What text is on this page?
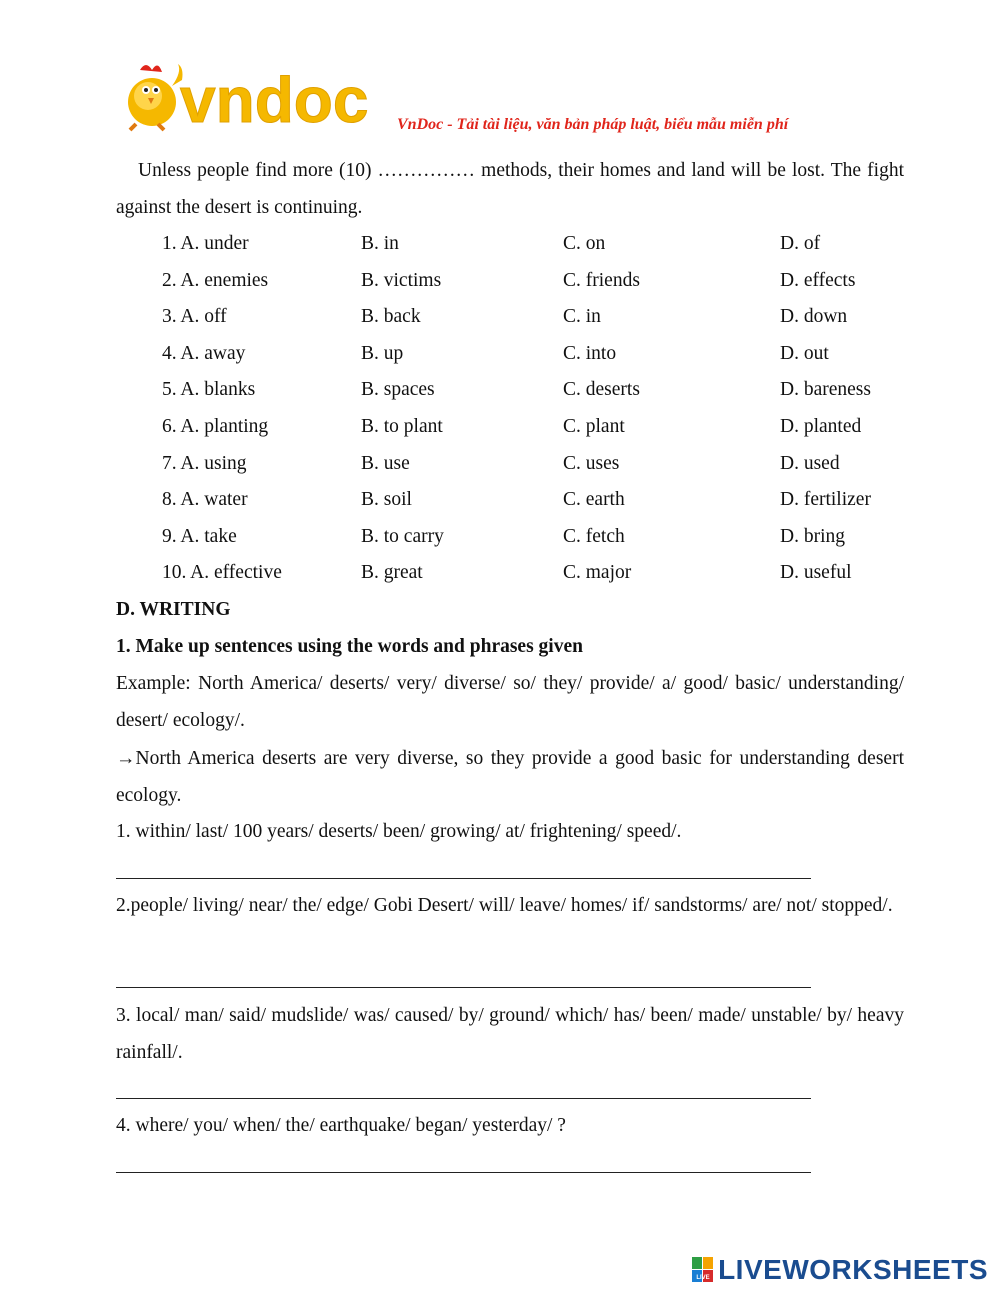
vndoc VnDoc - Tải tài liệu, văn bản pháp luật, biểu mẫu miễn phí
Unless people find more (10) …………… methods, their homes and land will be lost. The fight against the desert is continuing.
1. A. under	B. in	C. on	D. of
2. A. enemies	B. victims	C. friends	D. effects
3. A. off	B. back	C. in	D. down
4. A. away	B. up	C. into	D. out
5. A. blanks	B. spaces	C. deserts	D. bareness
6. A. planting	B. to plant	C. plant	D. planted
7. A. using	B. use	C. uses	D. used
8. A. water	B. soil	C. earth	D. fertilizer
9. A. take	B. to carry	C. fetch	D. bring
10. A. effective	B. great	C. major	D. useful
D. WRITING
1. Make up sentences using the words and phrases given
Example: North America/ deserts/ very/ diverse/ so/ they/ provide/ a/ good/ basic/ understanding/ desert/ ecology/.
→North America deserts are very diverse, so they provide a good basic for understanding desert ecology.
1. within/ last/ 100 years/ deserts/ been/ growing/ at/ frightening/ speed/.
2.people/ living/ near/ the/ edge/ Gobi Desert/ will/ leave/ homes/ if/ sandstorms/ are/ not/ stopped/.
3. local/ man/ said/ mudslide/ was/ caused/ by/ ground/ which/ has/ been/ made/ unstable/ by/ heavy rainfall/.
4. where/ you/ when/ the/ earthquake/ began/ yesterday/ ?
LIVE LIVEWORKSHEETS
